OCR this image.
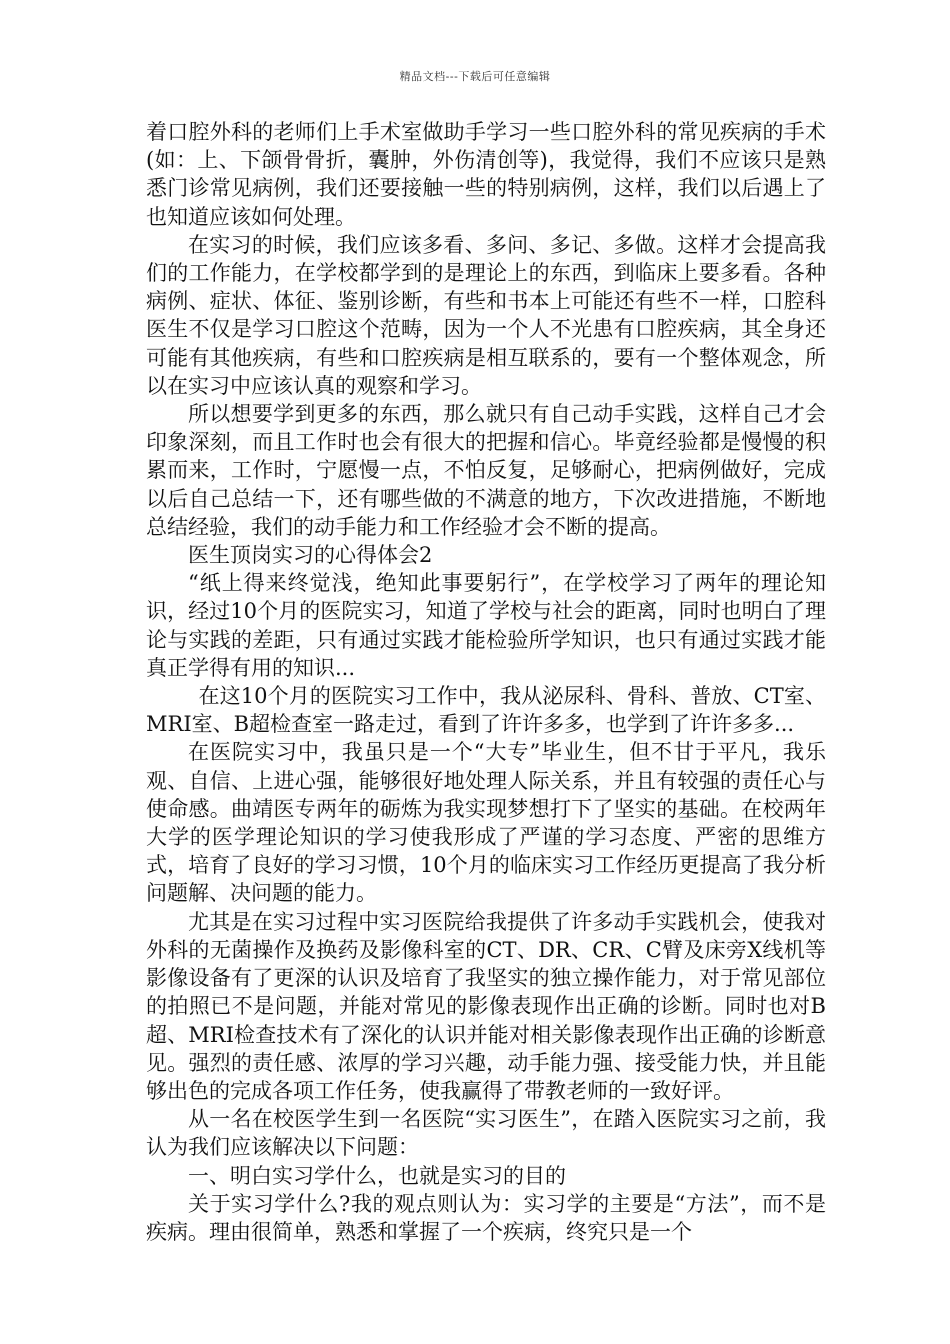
精品文档---下载后可任意编辑

着口腔外科的老师们上手术室做助手学习一些口腔外科的常见疾病的手术(如：上、下颌骨骨折，囊肿，外伤清创等)，我觉得，我们不应该只是熟悉门诊常见病例，我们还要接触一些的特别病例，这样，我们以后遇上了也知道应该如何处理。

在实习的时候，我们应该多看、多问、多记、多做。这样才会提高我们的工作能力，在学校都学到的是理论上的东西，到临床上要多看。各种病例、症状、体征、鉴别诊断，有些和书本上可能还有些不一样，口腔科医生不仅是学习口腔这个范畴，因为一个人不光患有口腔疾病，其全身还可能有其他疾病，有些和口腔疾病是相互联系的，要有一个整体观念，所以在实习中应该认真的观察和学习。

所以想要学到更多的东西，那么就只有自己动手实践，这样自己才会印象深刻，而且工作时也会有很大的把握和信心。毕竟经验都是慢慢的积累而来，工作时，宁愿慢一点，不怕反复，足够耐心，把病例做好，完成以后自己总结一下，还有哪些做的不满意的地方，下次改进措施，不断地总结经验，我们的动手能力和工作经验才会不断的提高。

医生顶岗实习的心得体会2

“纸上得来终觉浅，绝知此事要躬行”，在学校学习了两年的理论知识，经过10个月的医院实习，知道了学校与社会的距离，同时也明白了理论与实践的差距，只有通过实践才能检验所学知识，也只有通过实践才能真正学得有用的知识...

在这10个月的医院实习工作中，我从泌尿科、骨科、普放、CT室、MRI室、B超检查室一路走过，看到了许许多多，也学到了许许多多...

在医院实习中，我虽只是一个“大专”毕业生，但不甘于平凡，我乐观、自信、上进心强，能够很好地处理人际关系，并且有较强的责任心与使命感。曲靖医专两年的砺炼为我实现梦想打下了坚实的基础。在校两年大学的医学理论知识的学习使我形成了严谨的学习态度、严密的思维方式，培育了良好的学习习惯，10个月的临床实习工作经历更提高了我分析问题解、决问题的能力。

尤其是在实习过程中实习医院给我提供了许多动手实践机会，使我对外科的无菌操作及换药及影像科室的CT、DR、CR、C臂及床旁X线机等影像设备有了更深的认识及培育了我坚实的独立操作能力，对于常见部位的拍照已不是问题，并能对常见的影像表现作出正确的诊断。同时也对B超、MRI检查技术有了深化的认识并能对相关影像表现作出正确的诊断意见。强烈的责任感、浓厚的学习兴趣，动手能力强、接受能力快，并且能够出色的完成各项工作任务，使我赢得了带教老师的一致好评。

从一名在校医学生到一名医院“实习医生”，在踏入医院实习之前，我认为我们应该解决以下问题：

一、明白实习学什么，也就是实习的目的

关于实习学什么?我的观点则认为：实习学的主要是“方法”，而不是疾病。理由很简单，熟悉和掌握了一个疾病，终究只是一个
